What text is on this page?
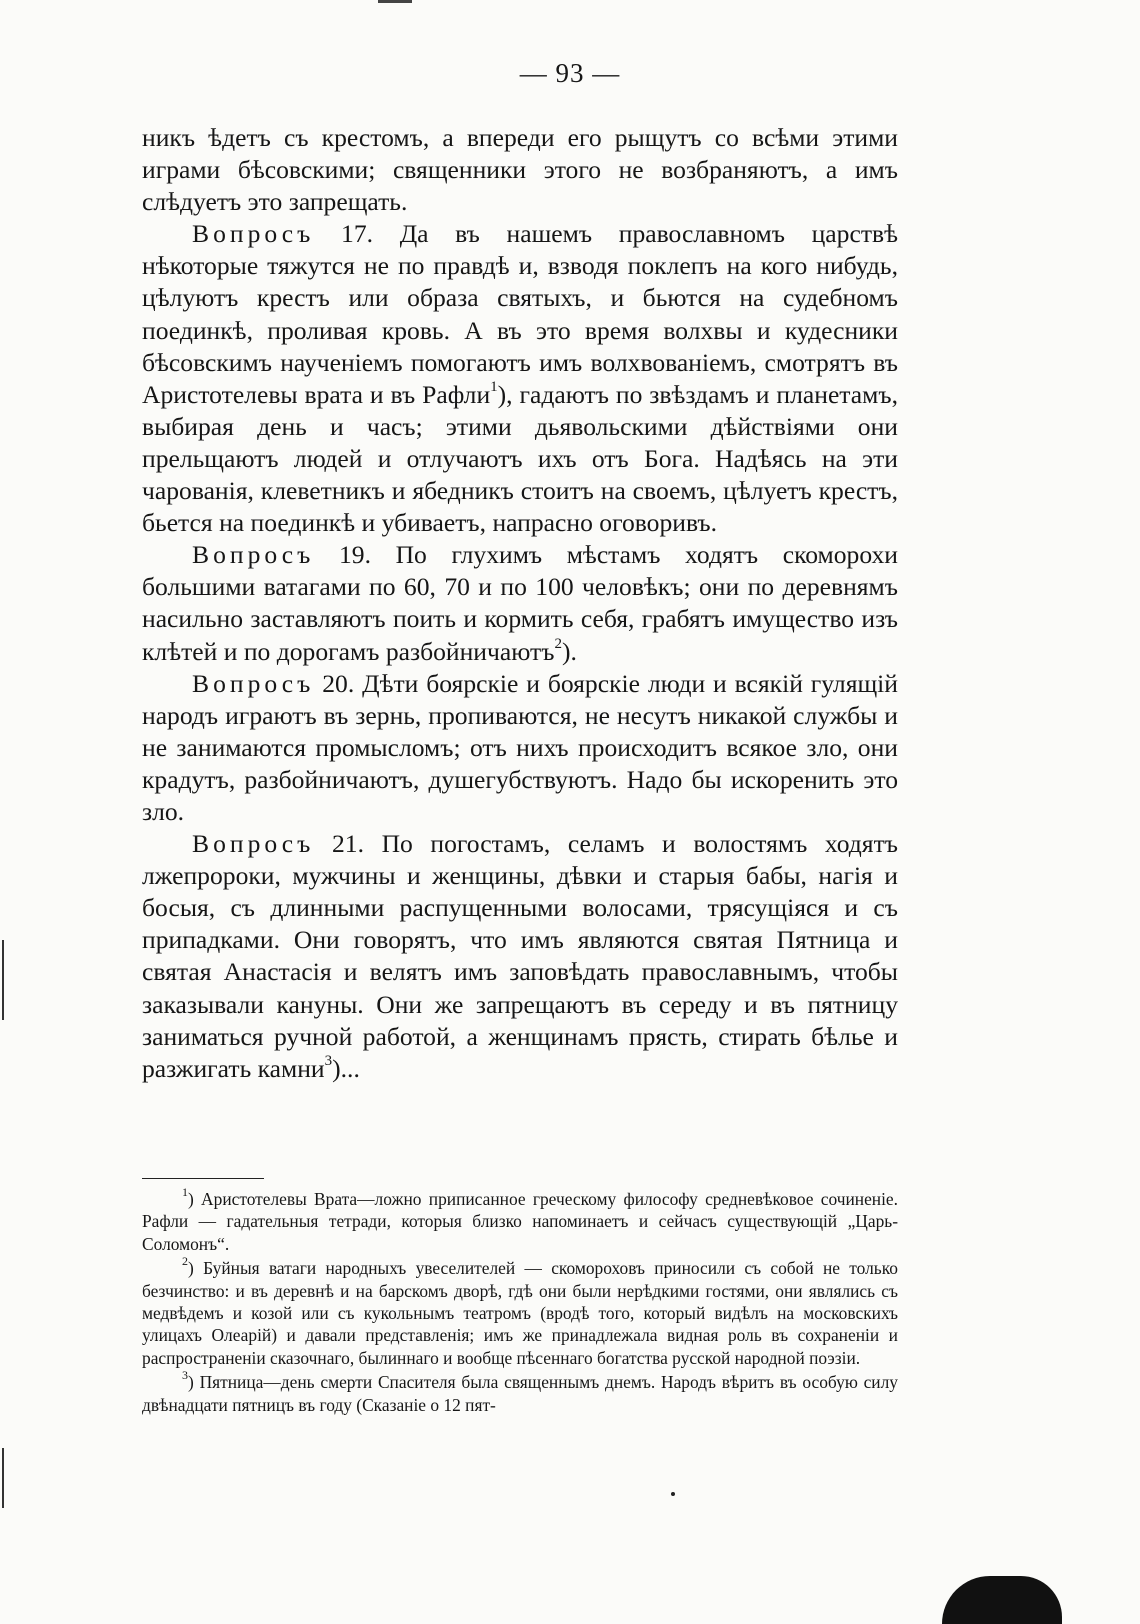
— 93 —

никъ ѣдетъ съ крестомъ, а впереди его рыщутъ со всѣми этими играми бѣсовскими; священники этого не возбраняютъ, а имъ слѣдуетъ это запрещать.

Вопросъ 17. Да въ нашемъ православномъ царствѣ нѣкоторые тяжутся не по правдѣ и, взводя поклепъ на кого нибудь, цѣлуютъ крестъ или образа святыхъ, и бьются на судебномъ поединкѣ, проливая кровь. А въ это время волхвы и кудесники бѣсовскимъ наученіемъ помогаютъ имъ волхвованіемъ, смотрятъ въ Аристотелевы врата и въ Рафли$^1$), гадаютъ по звѣздамъ и планетамъ, выбирая день и часъ; этими дьявольскими дѣйствіями они прельщаютъ людей и отлучаютъ ихъ отъ Бога. Надѣясь на эти чарованія, клеветникъ и ябедникъ стоитъ на своемъ, цѣлуетъ крестъ, бьется на поединкѣ и убиваетъ, напрасно оговоривъ.

Вопросъ 19. По глухимъ мѣстамъ ходятъ скоморохи большими ватагами по 60, 70 и по 100 человѣкъ; они по деревнямъ насильно заставляютъ поить и кормить себя, грабятъ имущество изъ клѣтей и по дорогамъ разбойничаютъ$^2$).

Вопросъ 20. Дѣти боярскіе и боярскіе люди и всякій гулящій народъ играютъ въ зернь, пропиваются, не несутъ никакой службы и не занимаются промысломъ; отъ нихъ происходитъ всякое зло, они крадутъ, разбойничаютъ, душегубствуютъ. Надо бы искоренить это зло.

Вопросъ 21. По погостамъ, селамъ и волостямъ ходятъ лжепророки, мужчины и женщины, дѣвки и старыя бабы, нагія и босыя, съ длинными распущенными волосами, трясущіяся и съ припадками. Они говорятъ, что имъ являются святая Пятница и святая Анастасія и велятъ имъ заповѣдать православнымъ, чтобы заказывали кануны. Они же запрещаютъ въ середу и въ пятницу заниматься ручной работой, а женщинамъ прясть, стирать бѣлье и разжигать камни$^3$)...

$^1$) Аристотелевы Врата—ложно приписанное греческому философу средневѣковое сочиненіе. Рафли — гадательныя тетради, которыя близко напоминаетъ и сейчасъ существующій „Царь-Соломонъ“.

$^2$) Буйныя ватаги народныхъ увеселителей — скомороховъ приносили съ собой не только безчинство: и въ деревнѣ и на барскомъ дворѣ, гдѣ они были нерѣдкими гостями, они являлись съ медвѣдемъ и козой или съ кукольнымъ театромъ (вродѣ того, который видѣлъ на московскихъ улицахъ Олеарій) и давали представленія; имъ же принадлежала видная роль въ сохраненіи и распространеніи сказочнаго, былиннаго и вообще пѣсеннаго богатства русской народной поэзіи.

$^3$) Пятница—день смерти Спасителя была священнымъ днемъ. Народъ вѣритъ въ особую силу двѣнадцати пятницъ въ году (Сказаніе о 12 пят-
